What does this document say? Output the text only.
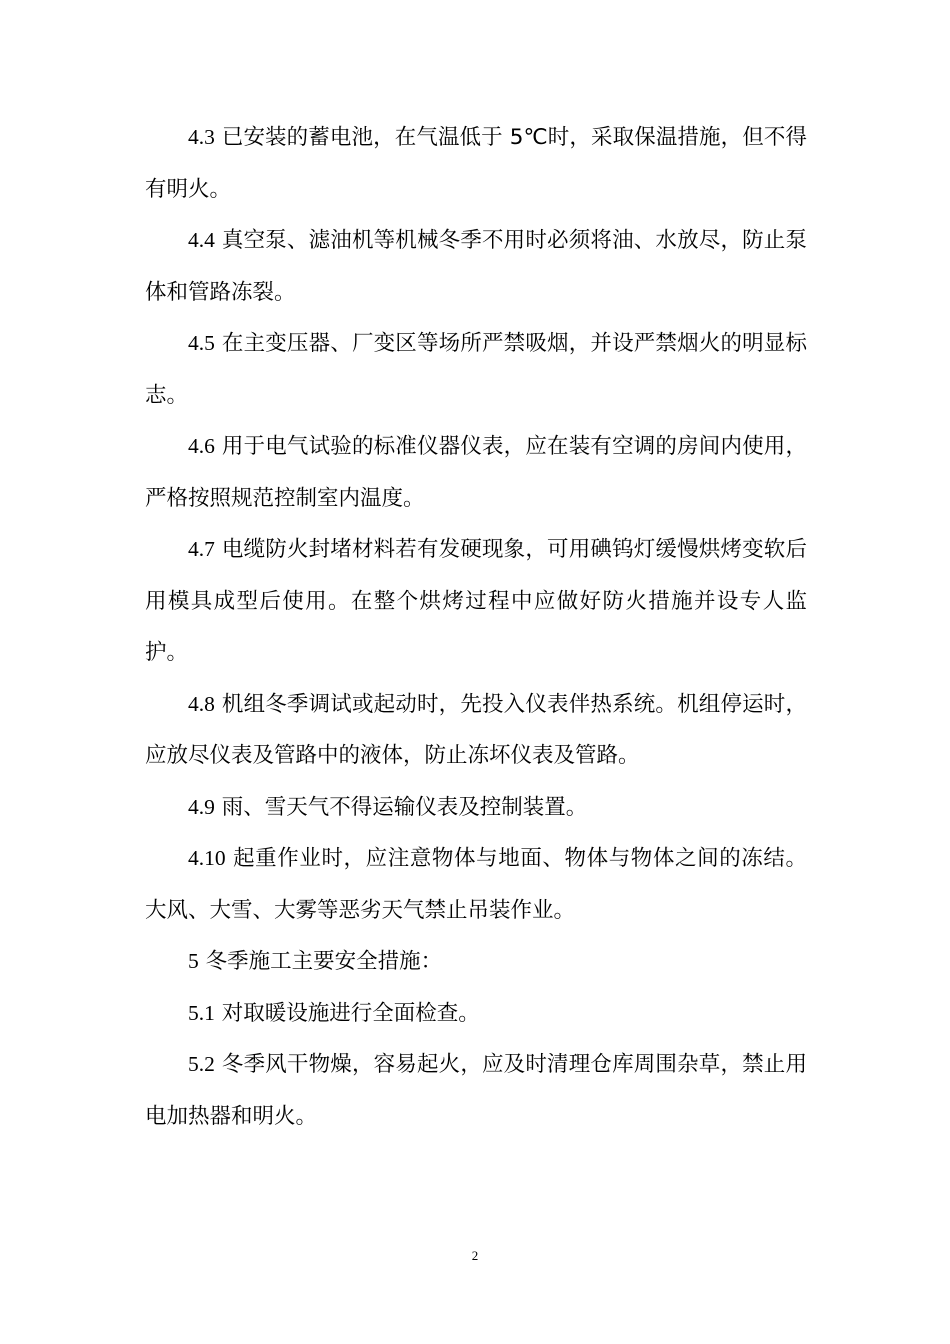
4.3 已安装的蓄电池，在气温低于 5℃时，采取保温措施，但不得有明火。

4.4 真空泵、滤油机等机械冬季不用时必须将油、水放尽，防止泵体和管路冻裂。

4.5 在主变压器、厂变区等场所严禁吸烟，并设严禁烟火的明显标志。

4.6 用于电气试验的标准仪器仪表，应在装有空调的房间内使用，严格按照规范控制室内温度。

4.7 电缆防火封堵材料若有发硬现象，可用碘钨灯缓慢烘烤变软后用模具成型后使用。在整个烘烤过程中应做好防火措施并设专人监护。

4.8 机组冬季调试或起动时，先投入仪表伴热系统。机组停运时，应放尽仪表及管路中的液体，防止冻坏仪表及管路。

4.9 雨、雪天气不得运输仪表及控制装置。

4.10 起重作业时，应注意物体与地面、物体与物体之间的冻结。大风、大雪、大雾等恶劣天气禁止吊装作业。

5 冬季施工主要安全措施：

5.1 对取暖设施进行全面检查。

5.2 冬季风干物燥，容易起火，应及时清理仓库周围杂草，禁止用电加热器和明火。

2
